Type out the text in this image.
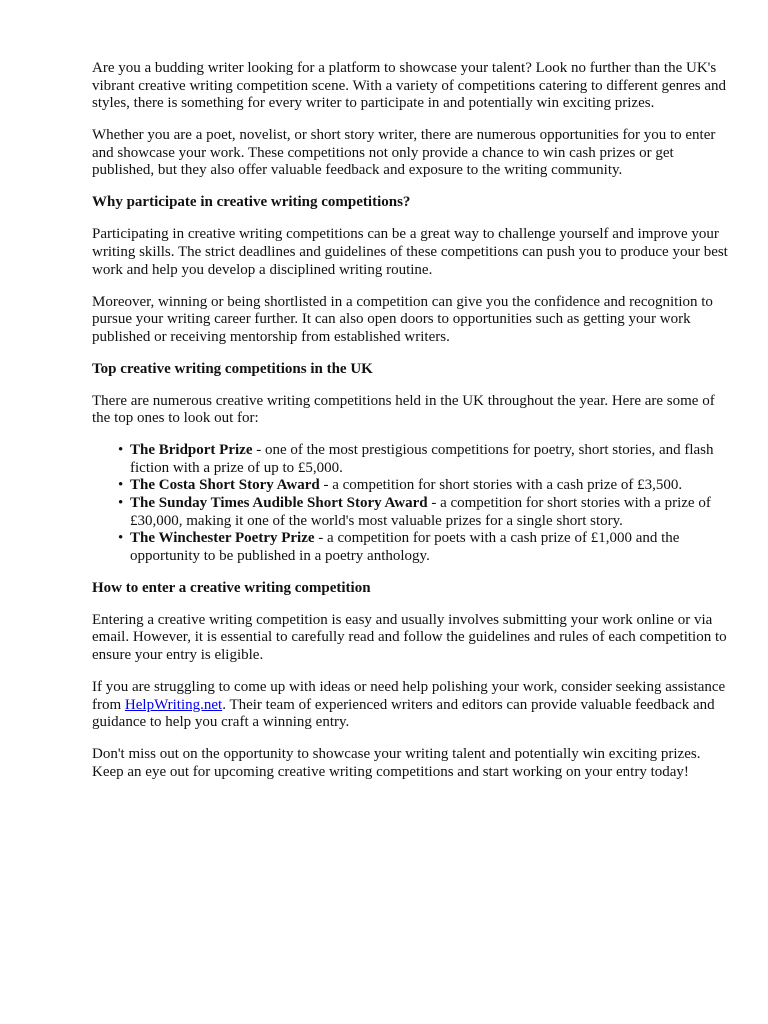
Are you a budding writer looking for a platform to showcase your talent? Look no further than the UK's vibrant creative writing competition scene. With a variety of competitions catering to different genres and styles, there is something for every writer to participate in and potentially win exciting prizes.

Whether you are a poet, novelist, or short story writer, there are numerous opportunities for you to enter and showcase your work. These competitions not only provide a chance to win cash prizes or get published, but they also offer valuable feedback and exposure to the writing community.

Why participate in creative writing competitions?

Participating in creative writing competitions can be a great way to challenge yourself and improve your writing skills. The strict deadlines and guidelines of these competitions can push you to produce your best work and help you develop a disciplined writing routine.

Moreover, winning or being shortlisted in a competition can give you the confidence and recognition to pursue your writing career further. It can also open doors to opportunities such as getting your work published or receiving mentorship from established writers.

Top creative writing competitions in the UK

There are numerous creative writing competitions held in the UK throughout the year. Here are some of the top ones to look out for:

• The Bridport Prize - one of the most prestigious competitions for poetry, short stories, and flash fiction with a prize of up to £5,000.
• The Costa Short Story Award - a competition for short stories with a cash prize of £3,500.
• The Sunday Times Audible Short Story Award - a competition for short stories with a prize of £30,000, making it one of the world's most valuable prizes for a single short story.
• The Winchester Poetry Prize - a competition for poets with a cash prize of £1,000 and the opportunity to be published in a poetry anthology.
How to enter a creative writing competition

Entering a creative writing competition is easy and usually involves submitting your work online or via email. However, it is essential to carefully read and follow the guidelines and rules of each competition to ensure your entry is eligible.

If you are struggling to come up with ideas or need help polishing your work, consider seeking assistance from HelpWriting.net. Their team of experienced writers and editors can provide valuable feedback and guidance to help you craft a winning entry.

Don't miss out on the opportunity to showcase your writing talent and potentially win exciting prizes. Keep an eye out for upcoming creative writing competitions and start working on your entry today!
